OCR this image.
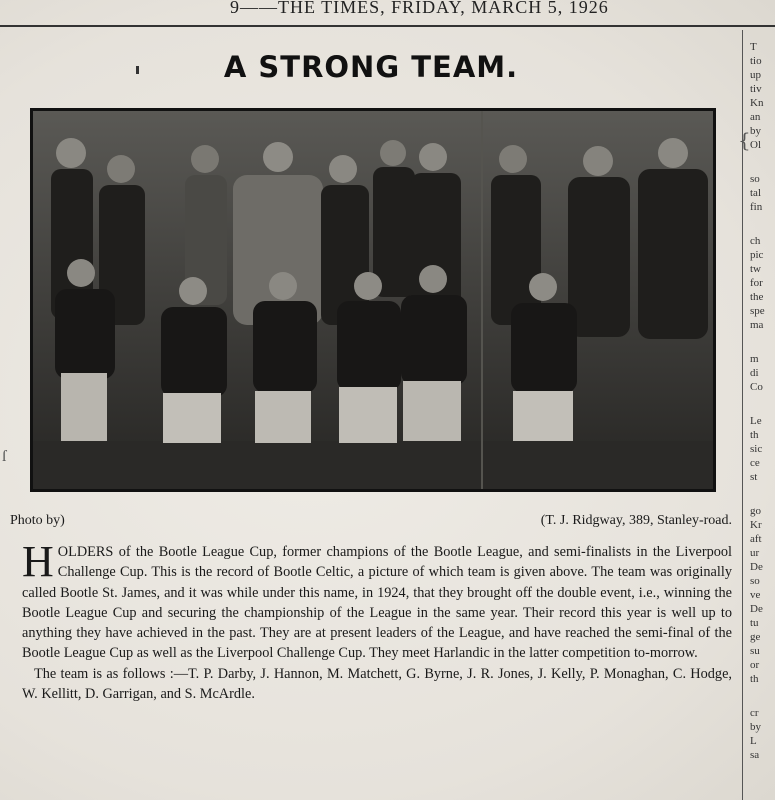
9——THE TIMES, FRIDAY, MARCH 5, 1926
A STRONG TEAM.
Photo by)	(T. J. Ridgway, 389, Stanley-road.
H OLDERS of the Bootle League Cup, former champions of the Bootle League, and semi-finalists in the Liverpool Challenge Cup. This is the record of Bootle Celtic, a picture of which team is given above. The team was originally called Bootle St. James, and it was while under this name, in 1924, that they brought off the double event, i.e., winning the Bootle League Cup and securing the championship of the League in the same year. Their record this year is well up to anything they have achieved in the past. They are at present leaders of the League, and have reached the semi-final of the Bootle League Cup as well as the Liverpool Challenge Cup. They meet Harlandic in the latter competition to-morrow.

The team is as follows :—T. P. Darby, J. Hannon, M. Matchett, G. Byrne, J. R. Jones, J. Kelly, P. Monaghan, C. Hodge, W. Kellitt, D. Garrigan, and S. McArdle.

T
tio
up
tiv
Kn
an
by
Ol
so
tal
fin
ch
pic
tw
for
the
spe
ma
m
di
Co
Le
th
sic
ce
st
go
Kr
aft
ur
De
so
ve
De
tu
ge
su
or
th
cr
by
L
sa
ſ
{
